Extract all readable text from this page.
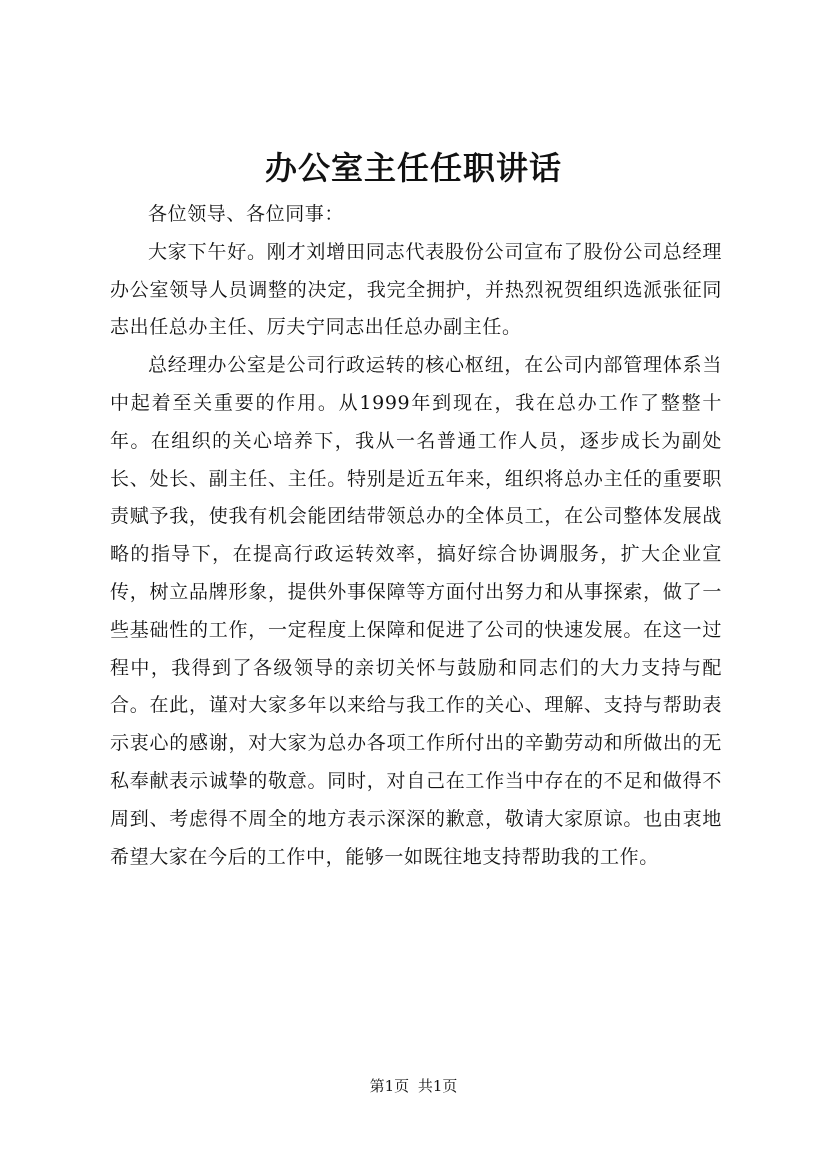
办公室主任任职讲话

各位领导、各位同事：

大家下午好。刚才刘增田同志代表股份公司宣布了股份公司总经理办公室领导人员调整的决定，我完全拥护，并热烈祝贺组织选派张征同志出任总办主任、厉夫宁同志出任总办副主任。

总经理办公室是公司行政运转的核心枢纽，在公司内部管理体系当中起着至关重要的作用。从1999年到现在，我在总办工作了整整十年。在组织的关心培养下，我从一名普通工作人员，逐步成长为副处长、处长、副主任、主任。特别是近五年来，组织将总办主任的重要职责赋予我，使我有机会能团结带领总办的全体员工，在公司整体发展战略的指导下，在提高行政运转效率，搞好综合协调服务，扩大企业宣传，树立品牌形象，提供外事保障等方面付出努力和从事探索，做了一些基础性的工作，一定程度上保障和促进了公司的快速发展。在这一过程中，我得到了各级领导的亲切关怀与鼓励和同志们的大力支持与配合。在此，谨对大家多年以来给与我工作的关心、理解、支持与帮助表示衷心的感谢，对大家为总办各项工作所付出的辛勤劳动和所做出的无私奉献表示诚挚的敬意。同时，对自己在工作当中存在的不足和做得不周到、考虑得不周全的地方表示深深的歉意，敬请大家原谅。也由衷地希望大家在今后的工作中，能够一如既往地支持帮助我的工作。

第1页 共1页
